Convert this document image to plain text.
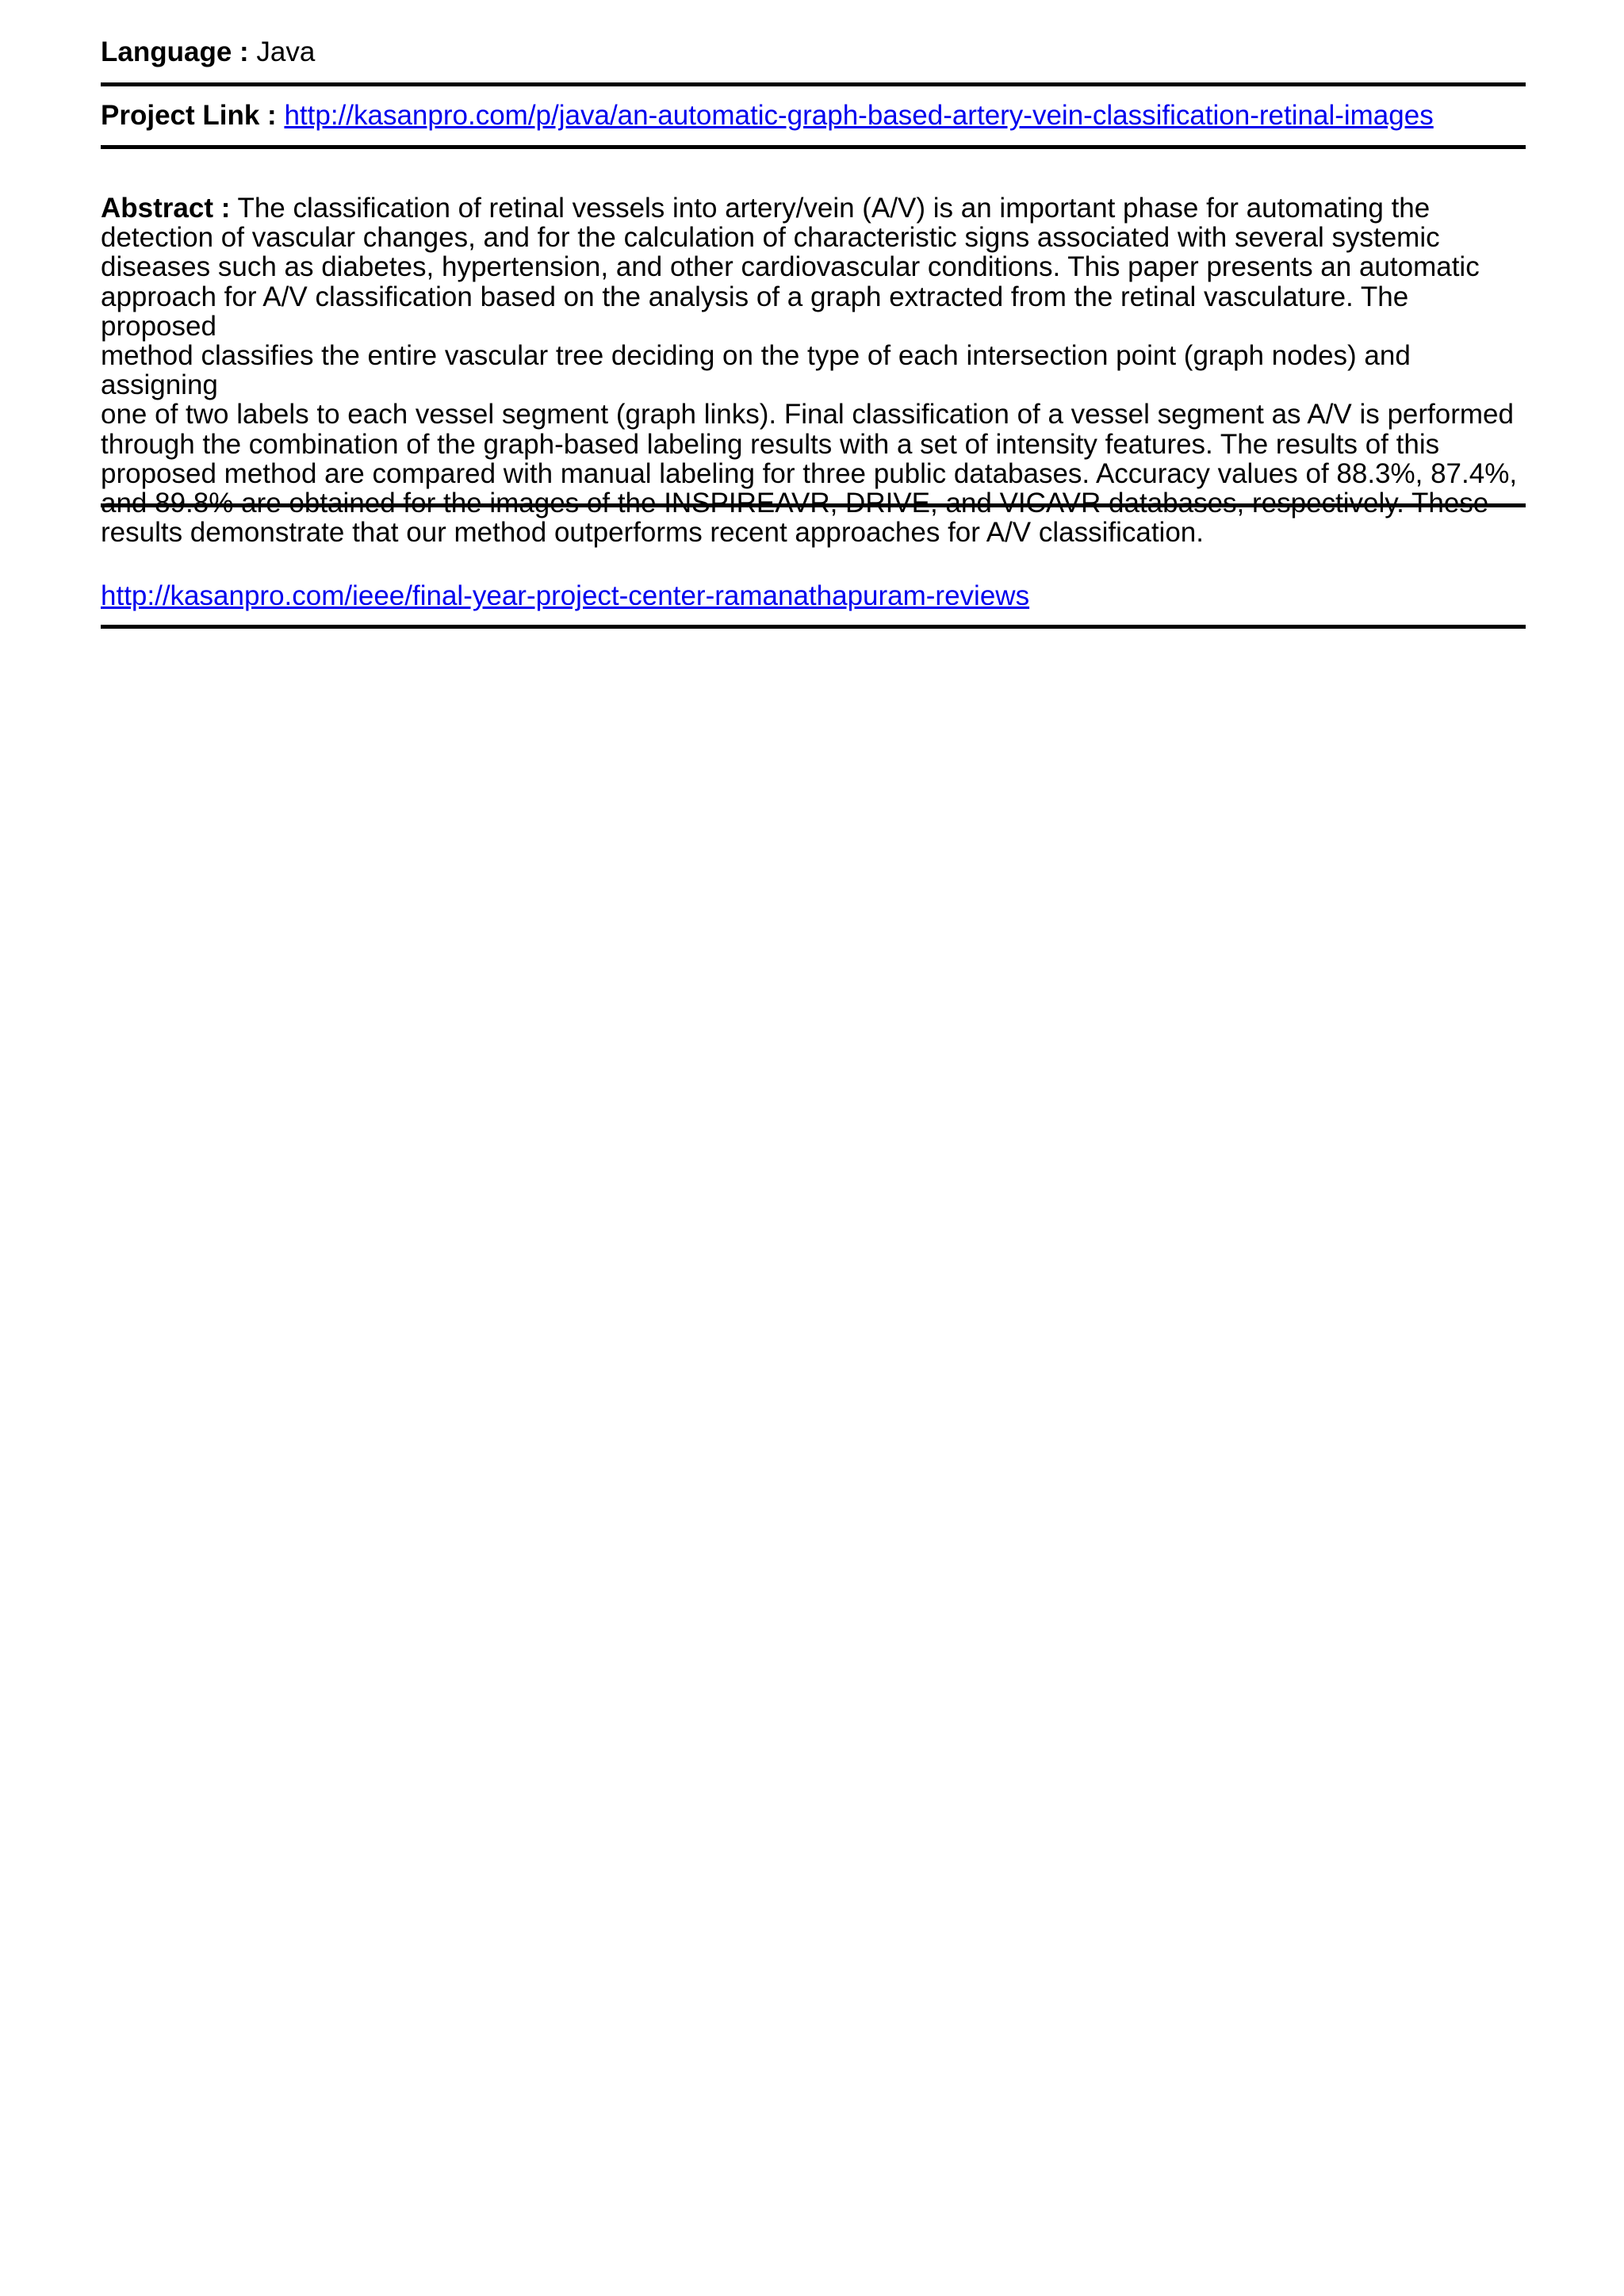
Language : Java
Project Link : http://kasanpro.com/p/java/an-automatic-graph-based-artery-vein-classification-retinal-images
Abstract : The classification of retinal vessels into artery/vein (A/V) is an important phase for automating the
detection of vascular changes, and for the calculation of characteristic signs associated with several systemic
diseases such as diabetes, hypertension, and other cardiovascular conditions. This paper presents an automatic
approach for A/V classification based on the analysis of a graph extracted from the retinal vasculature. The proposed
method classifies the entire vascular tree deciding on the type of each intersection point (graph nodes) and assigning
one of two labels to each vessel segment (graph links). Final classification of a vessel segment as A/V is performed
through the combination of the graph-based labeling results with a set of intensity features. The results of this
proposed method are compared with manual labeling for three public databases. Accuracy values of 88.3%, 87.4%,
results demonstrate that our method outperforms recent approaches for A/V classification.
http://kasanpro.com/ieee/final-year-project-center-ramanathapuram-reviews
